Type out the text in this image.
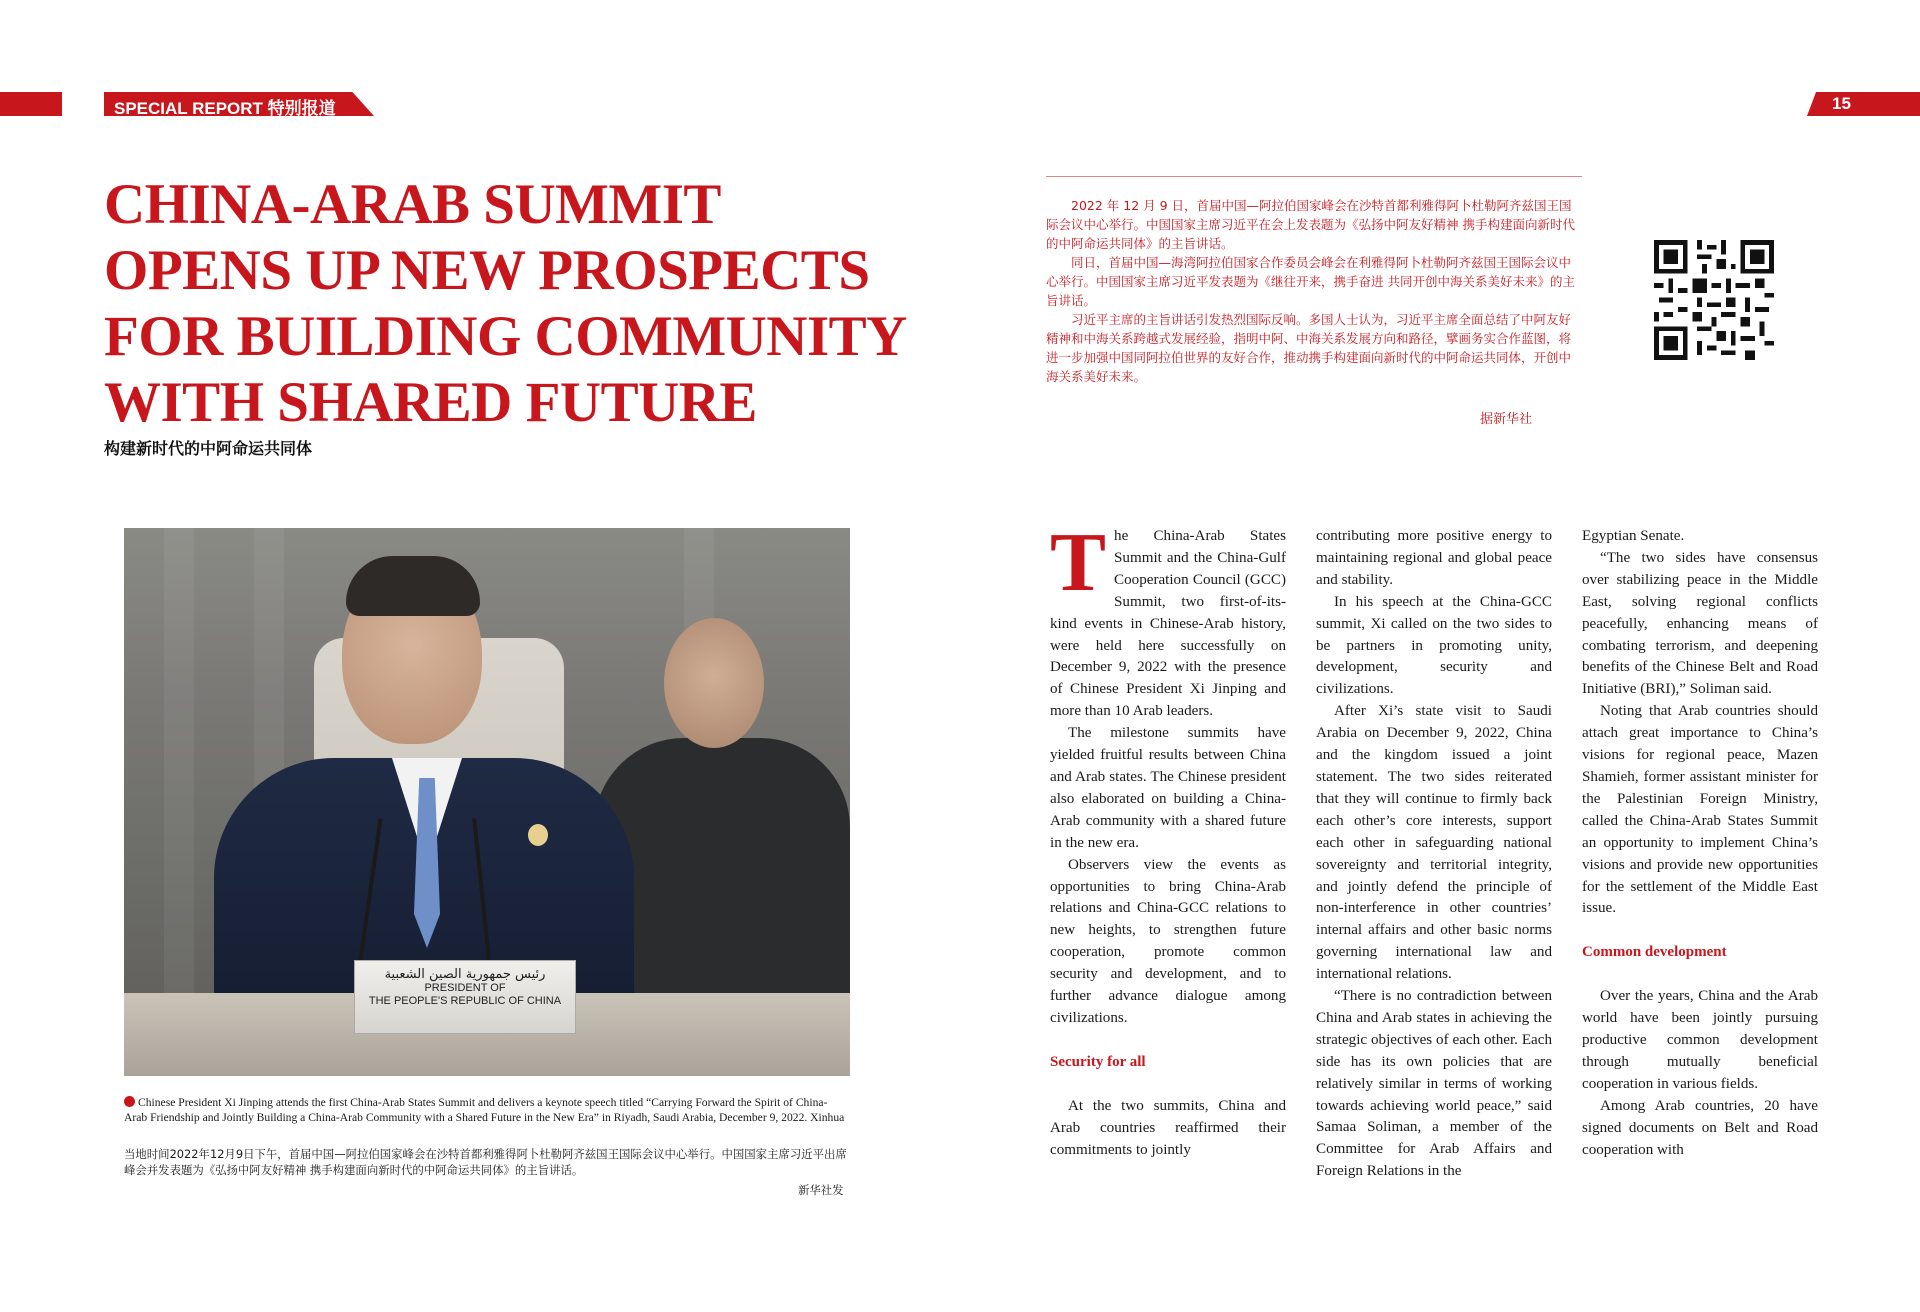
14 SPECIAL REPORT 特别报道	15
CHINA-ARAB SUMMIT
OPENS UP NEW PROSPECTS
FOR BUILDING COMMUNITY
WITH SHARED FUTURE
构建新时代的中阿命运共同体

2022 年 12 月 9 日，首届中国—阿拉伯国家峰会在沙特首都利雅得阿卜杜勒阿齐兹国王国际会议中心举行。中国国家主席习近平在会上发表题为《弘扬中阿友好精神 携手构建面向新时代的中阿命运共同体》的主旨讲话。

同日，首届中国—海湾阿拉伯国家合作委员会峰会在利雅得阿卜杜勒阿齐兹国王国际会议中心举行。中国国家主席习近平发表题为《继往开来，携手奋进 共同开创中海关系美好未来》的主旨讲话。

习近平主席的主旨讲话引发热烈国际反响。多国人士认为，习近平主席全面总结了中阿友好精神和中海关系跨越式发展经验，指明中阿、中海关系发展方向和路径，擘画务实合作蓝图，将进一步加强中国同阿拉伯世界的友好合作，推动携手构建面向新时代的中阿命运共同体，开创中海关系美好未来。

据新华社
رئيس جمهورية الصين الشعبية
PRESIDENT OF
THE PEOPLE'S REPUBLIC OF CHINA
Chinese President Xi Jinping attends the first China-Arab States Summit and delivers a keynote speech titled “Carrying Forward the Spirit of China-Arab Friendship and Jointly Building a China-Arab Community with a Shared Future in the New Era” in Riyadh, Saudi Arabia, December 9, 2022. Xinhua
当地时间2022年12月9日下午，首届中国—阿拉伯国家峰会在沙特首都利雅得阿卜杜勒阿齐兹国王国际会议中心举行。中国国家主席习近平出席峰会并发表题为《弘扬中阿友好精神 携手构建面向新时代的中阿命运共同体》的主旨讲话。
新华社发

The China-Arab States Summit and the China-Gulf Cooperation Council (GCC) Summit, two first-of-its-kind events in Chinese-Arab history, were held here successfully on December 9, 2022 with the presence of Chinese President Xi Jinping and more than 10 Arab leaders.

The milestone summits have yielded fruitful results between China and Arab states. The Chinese president also elaborated on building a China-Arab community with a shared future in the new era.

Observers view the events as opportunities to bring China-Arab relations and China-GCC relations to new heights, to strengthen future cooperation, promote common security and development, and to further advance dialogue among civilizations.

Security for all

At the two summits, China and Arab countries reaffirmed their commitments to jointly

contributing more positive energy to maintaining regional and global peace and stability.

In his speech at the China-GCC summit, Xi called on the two sides to be partners in promoting unity, development, security and civilizations.

After Xi’s state visit to Saudi Arabia on December 9, 2022, China and the kingdom issued a joint statement. The two sides reiterated that they will continue to firmly back each other’s core interests, support each other in safeguarding national sovereignty and territorial integrity, and jointly defend the principle of non-interference in other countries’ internal affairs and other basic norms governing international law and international relations.

“There is no contradiction between China and Arab states in achieving the strategic objectives of each other. Each side has its own policies that are relatively similar in terms of working towards achieving world peace,” said Samaa Soliman, a member of the Committee for Arab Affairs and Foreign Relations in the

Egyptian Senate.

“The two sides have consensus over stabilizing peace in the Middle East, solving regional conflicts peacefully, enhancing means of combating terrorism, and deepening benefits of the Chinese Belt and Road Initiative (BRI),” Soliman said.

Noting that Arab countries should attach great importance to China’s visions for regional peace, Mazen Shamieh, former assistant minister for the Palestinian Foreign Ministry, called the China-Arab States Summit an opportunity to implement China’s visions and provide new opportunities for the settlement of the Middle East issue.

Common development

Over the years, China and the Arab world have been jointly pursuing productive common development through mutually beneficial cooperation in various fields.

Among Arab countries, 20 have signed documents on Belt and Road cooperation with
